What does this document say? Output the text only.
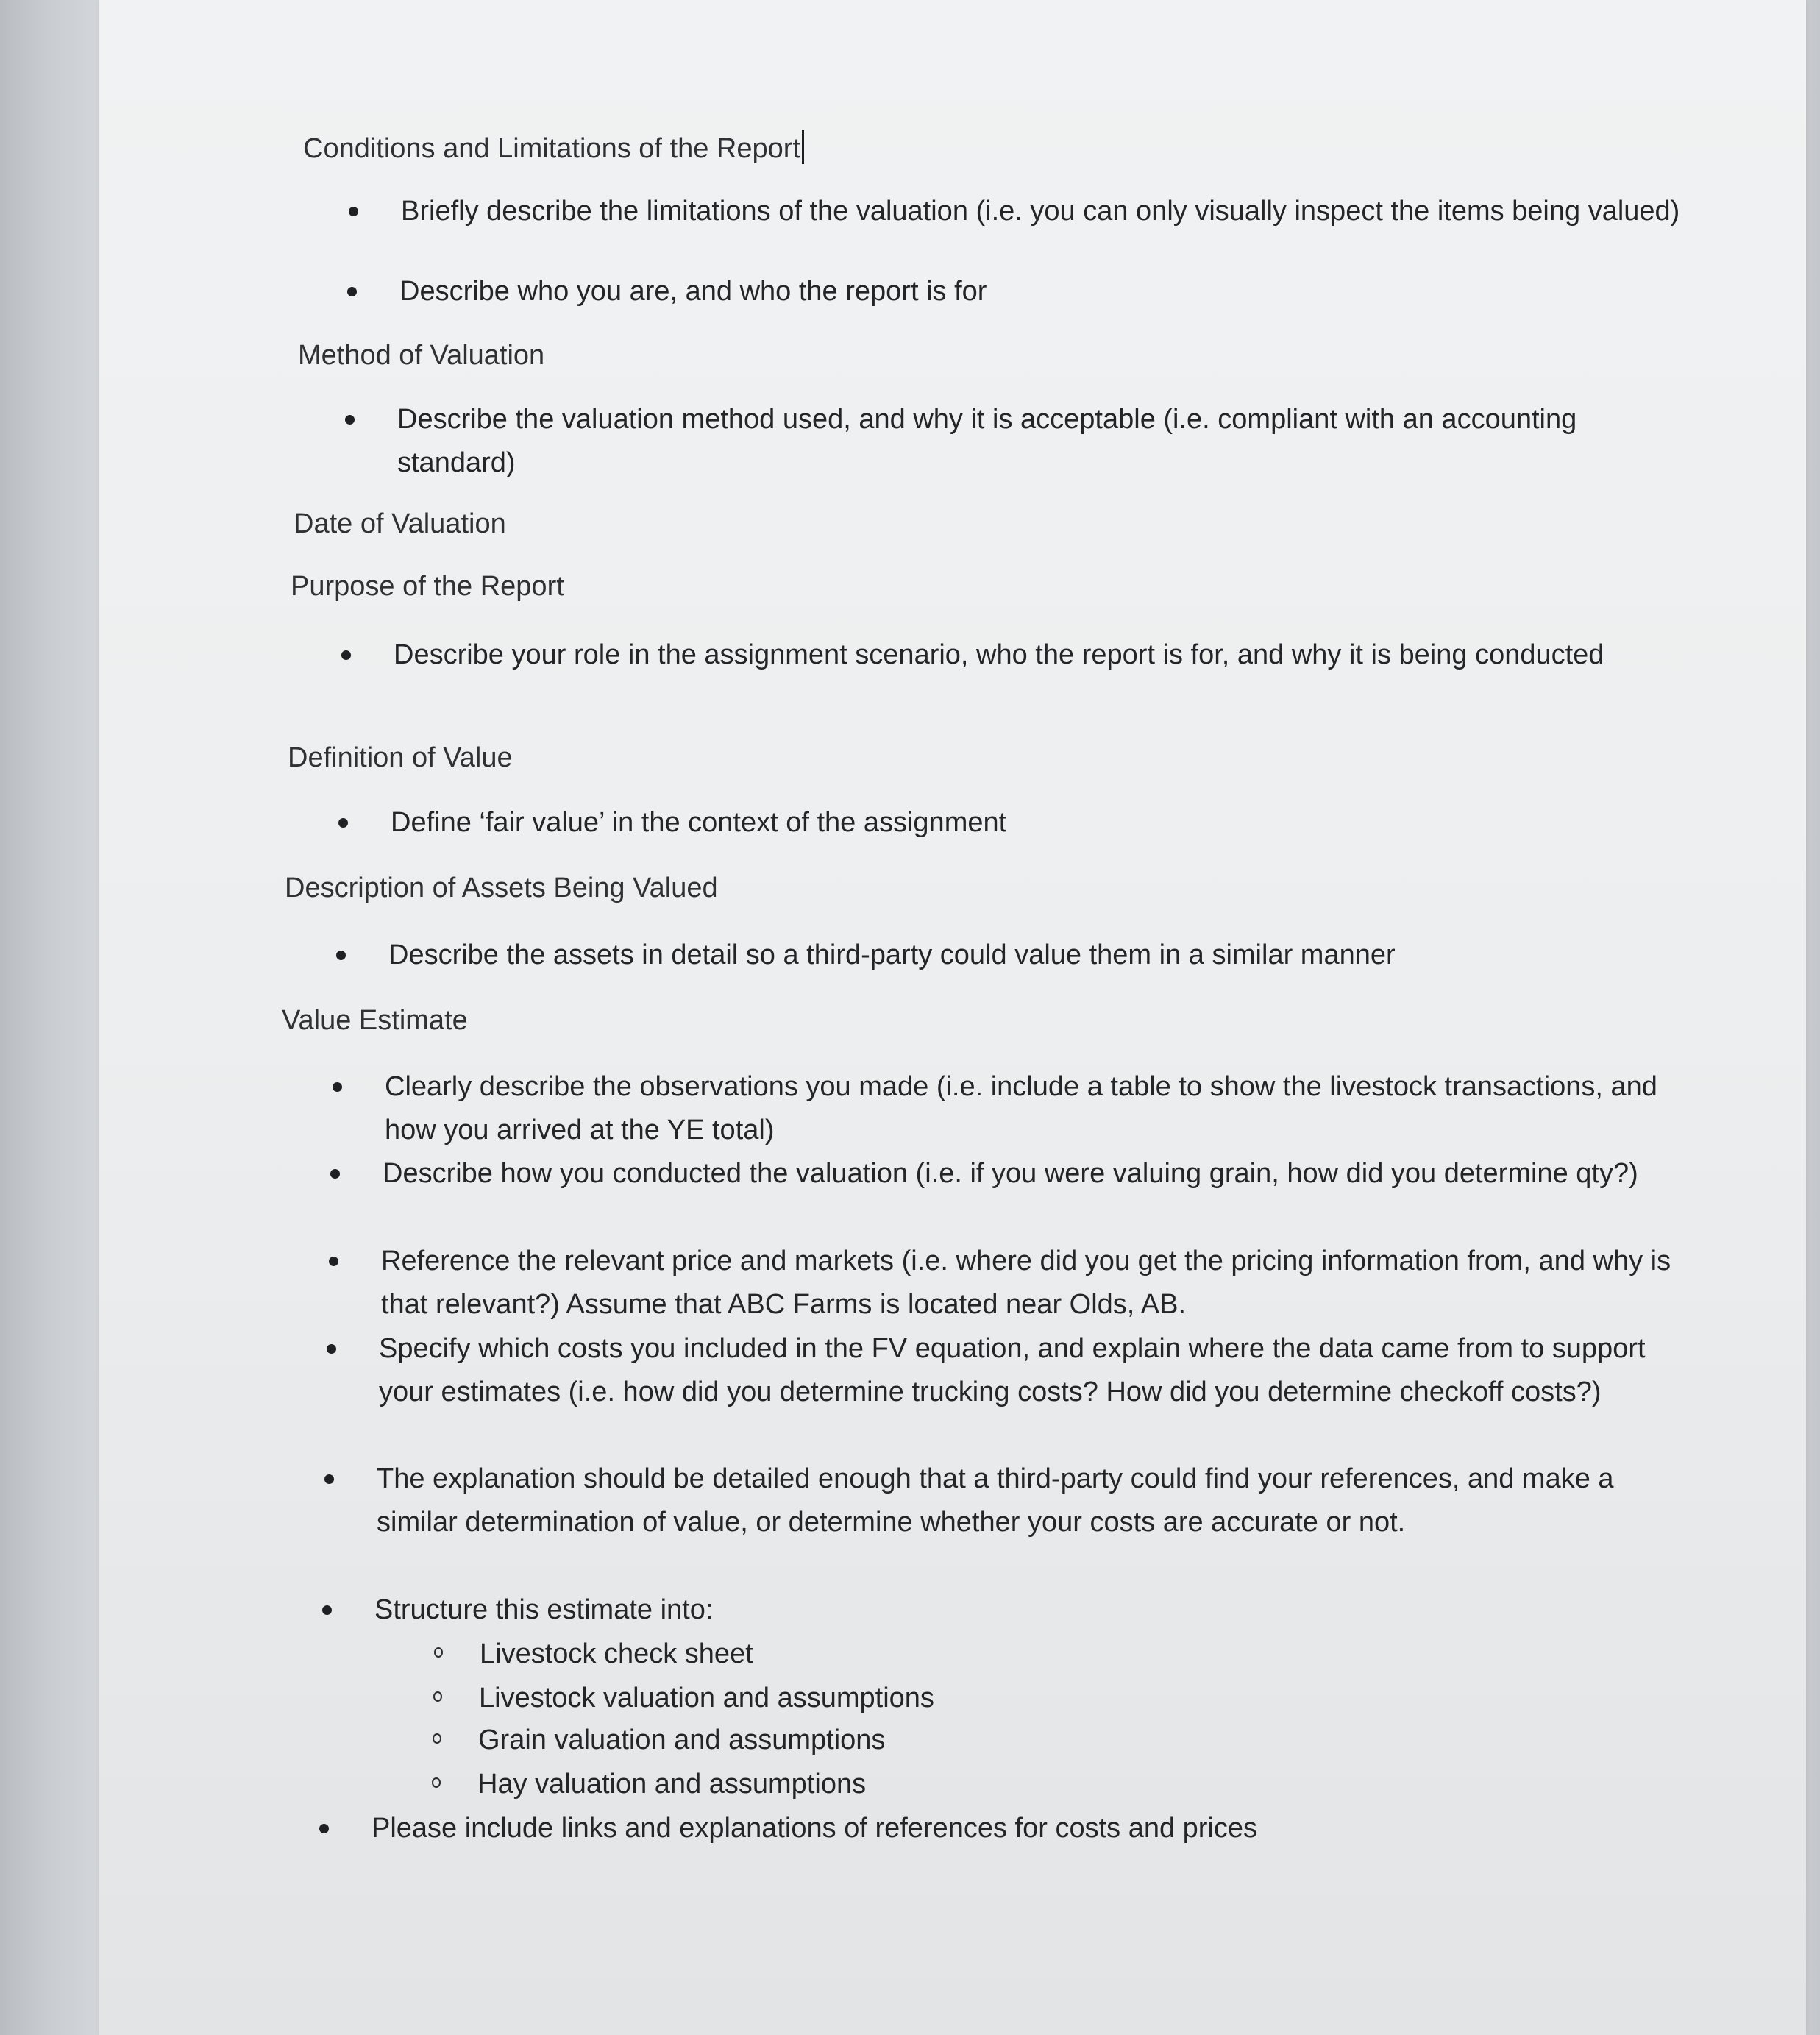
Conditions and Limitations of the Report
Briefly describe the limitations of the valuation (i.e. you can only visually inspect the items being valued)
Describe who you are, and who the report is for
Method of Valuation
Describe the valuation method used, and why it is acceptable (i.e. compliant with an accounting standard)
Date of Valuation
Purpose of the Report
Describe your role in the assignment scenario, who the report is for, and why it is being conducted
Definition of Value
Define ‘fair value’ in the context of the assignment
Description of Assets Being Valued
Describe the assets in detail so a third-party could value them in a similar manner
Value Estimate
Clearly describe the observations you made (i.e. include a table to show the livestock transactions, and how you arrived at the YE total)
Describe how you conducted the valuation (i.e. if you were valuing grain, how did you determine qty?)
Reference the relevant price and markets (i.e. where did you get the pricing information from, and why is that relevant?) Assume that ABC Farms is located near Olds, AB.
Specify which costs you included in the FV equation, and explain where the data came from to support your estimates (i.e. how did you determine trucking costs? How did you determine checkoff costs?)
The explanation should be detailed enough that a third-party could find your references, and make a similar determination of value, or determine whether your costs are accurate or not.
Structure this estimate into:
Livestock check sheet
Livestock valuation and assumptions
Grain valuation and assumptions
Hay valuation and assumptions
Please include links and explanations of references for costs and prices
